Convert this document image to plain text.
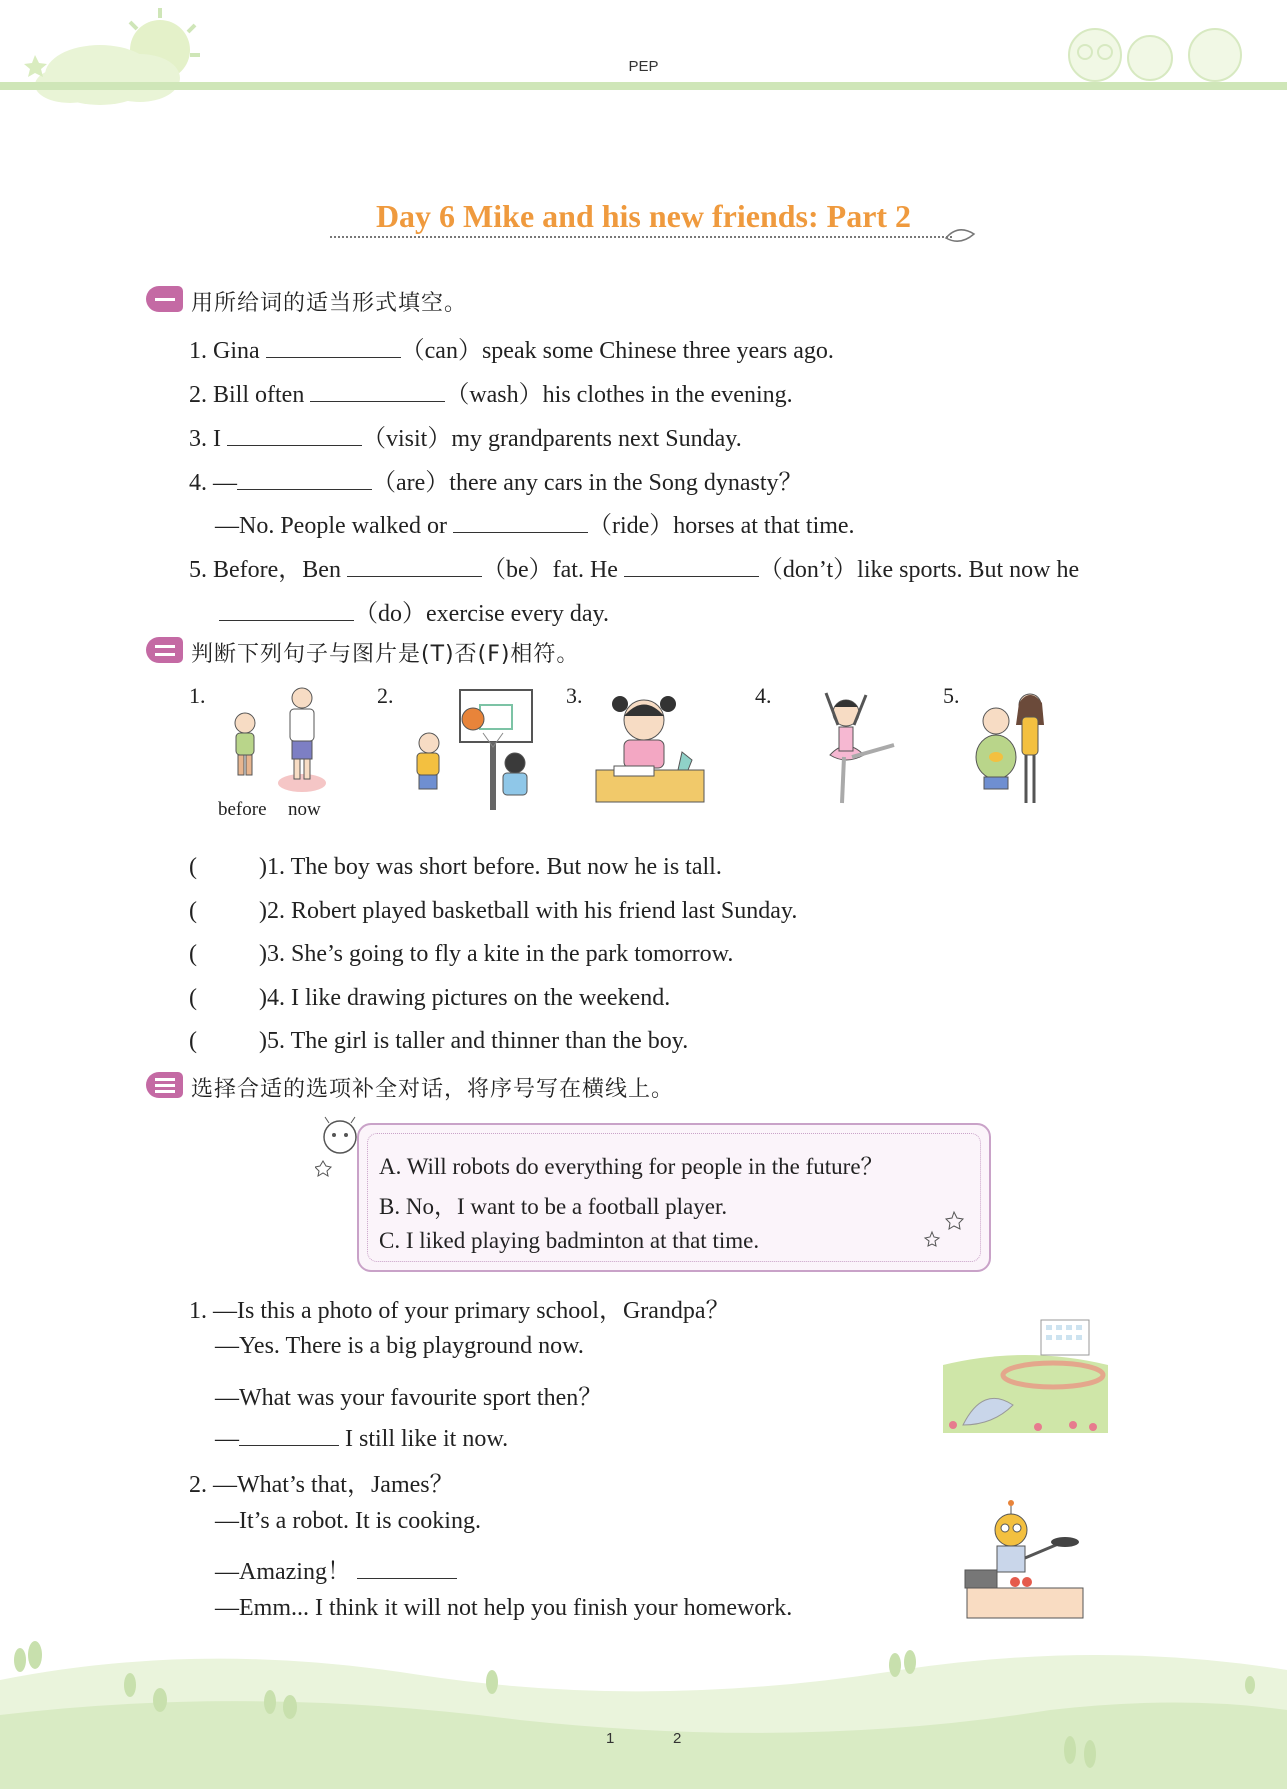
PEP
Day 6 Mike and his new friends: Part 2
用所给词的适当形式填空。
1. Gina	（can）speak some Chinese three years ago.
2. Bill often	（wash）his clothes in the evening.
3. I	（visit）my grandparents next Sunday.
4. —	（are）there any cars in the Song dynasty？
—No. People walked or	（ride）horses at that time.
5. Before，Ben	（be）fat. He	（don’t）like sports. But now he
（do）exercise every day.
判断下列句子与图片是(T)否(F)相符。
1.	2.	3.	4.	5.
before now
(	)1. The boy was short before. But now he is tall.
(	)2. Robert played basketball with his friend last Sunday.
(	)3. She’s going to fly a kite in the park tomorrow.
(	)4. I like drawing pictures on the weekend.
(	)5. The girl is taller and thinner than the boy.
选择合适的选项补全对话，将序号写在横线上。
A. Will robots do everything for people in the future？
B. No，I want to be a football player.
C. I liked playing badminton at that time.
1. —Is this a photo of your primary school，Grandpa？
—Yes. There is a big playground now.
—What was your favourite sport then？
—	I still like it now.
2. —What’s that，James？
—It’s a robot. It is cooking.
—Amazing！
—Emm... I think it will not help you finish your homework.
1	2
